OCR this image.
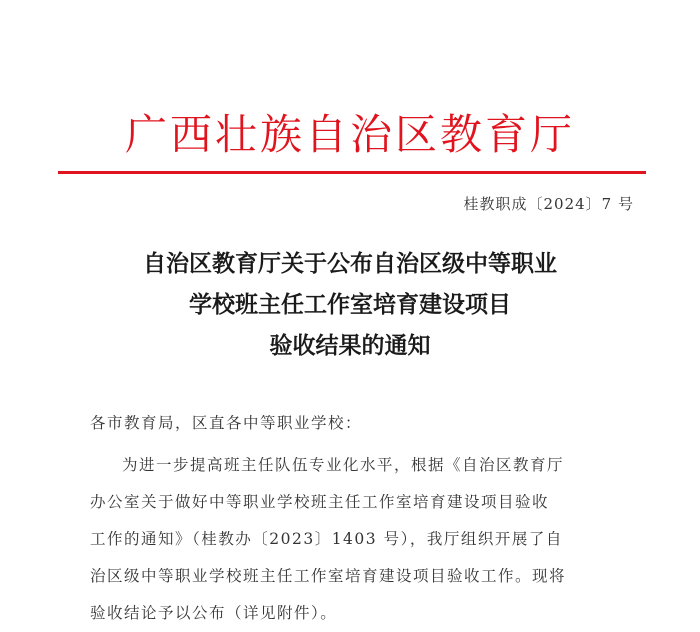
广西壮族自治区教育厅
桂教职成〔2024〕7 号
自治区教育厅关于公布自治区级中等职业
学校班主任工作室培育建设项目
验收结果的通知
各市教育局，区直各中等职业学校：
为进一步提高班主任队伍专业化水平，根据《自治区教育厅
办公室关于做好中等职业学校班主任工作室培育建设项目验收
工作的通知》（桂教办〔2023〕1403 号），我厅组织开展了自
治区级中等职业学校班主任工作室培育建设项目验收工作。现将
验收结论予以公布（详见附件）。
